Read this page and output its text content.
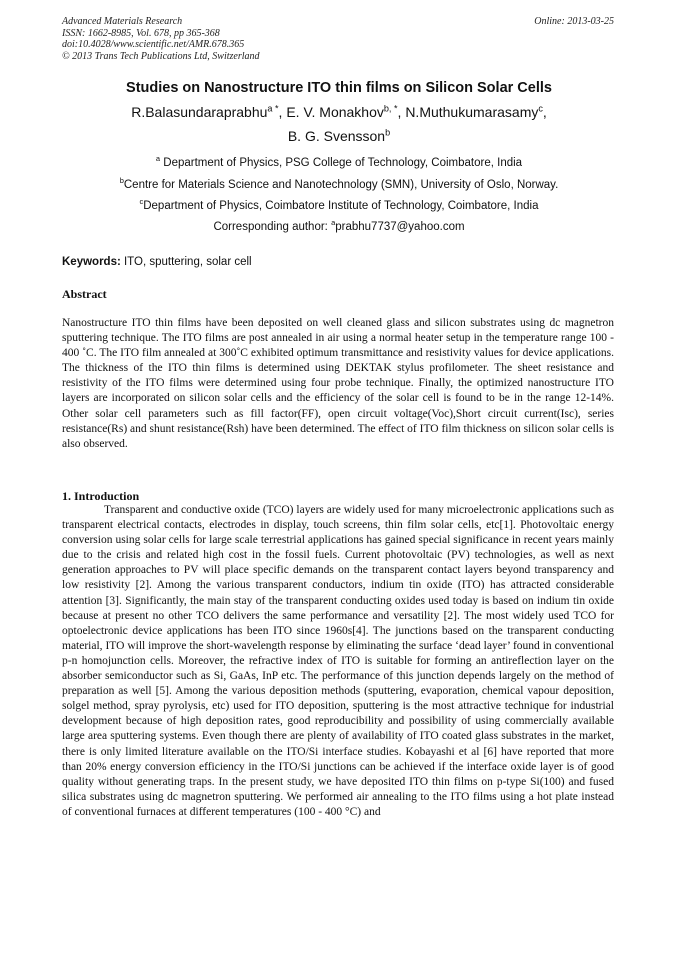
Advanced Materials Research
ISSN: 1662-8985, Vol. 678, pp 365-368
doi:10.4028/www.scientific.net/AMR.678.365
© 2013 Trans Tech Publications Ltd, Switzerland
Online: 2013-03-25
Studies on Nanostructure ITO thin films on Silicon Solar Cells
R.Balasundaraprabhu$^{a *}$, E. V. Monakhov$^{b, *}$, N.Muthukumarasamy$^c$,
B. G. Svensson$^b$
$^a$ Department of Physics, PSG College of Technology, Coimbatore, India
$^b$Centre for Materials Science and Nanotechnology (SMN), University of Oslo, Norway.
$^c$Department of Physics, Coimbatore Institute of Technology, Coimbatore, India
Corresponding author: $^a$prabhu7737@yahoo.com
Keywords: ITO, sputtering, solar cell
Abstract

Nanostructure ITO thin films have been deposited on well cleaned glass and silicon substrates using dc magnetron sputtering technique. The ITO films are post annealed in air using a normal heater setup in the temperature range 100 - 400 ˚C. The ITO film annealed at 300˚C exhibited optimum transmittance and resistivity values for device applications. The thickness of the ITO thin films is determined using DEKTAK stylus profilometer. The sheet resistance and resistivity of the ITO films were determined using four probe technique. Finally, the optimized nanostructure ITO layers are incorporated on silicon solar cells and the efficiency of the solar cell is found to be in the range 12-14%. Other solar cell parameters such as fill factor(FF), open circuit voltage(Voc),Short circuit current(Isc), series resistance(Rs) and shunt resistance(Rsh) have been determined. The effect of ITO film thickness on silicon solar cells is also observed.

1. Introduction

Transparent and conductive oxide (TCO) layers are widely used for many microelectronic applications such as transparent electrical contacts, electrodes in display, touch screens, thin film solar cells, etc[1]. Photovoltaic energy conversion using solar cells for large scale terrestrial applications has gained special significance in recent years mainly due to the crisis and related high cost in the fossil fuels. Current photovoltaic (PV) technologies, as well as next generation approaches to PV will place specific demands on the transparent contact layers beyond transparency and low resistivity [2]. Among the various transparent conductors, indium tin oxide (ITO) has attracted considerable attention [3]. Significantly, the main stay of the transparent conducting oxides used today is based on indium tin oxide because at present no other TCO delivers the same performance and versatility [2]. The most widely used TCO for optoelectronic device applications has been ITO since 1960s[4]. The junctions based on the transparent conducting material, ITO will improve the short-wavelength response by eliminating the surface ‘dead layer’ found in conventional p-n homojunction cells. Moreover, the refractive index of ITO is suitable for forming an antireflection layer on the absorber semiconductor such as Si, GaAs, InP etc. The performance of this junction depends largely on the method of preparation as well [5]. Among the various deposition methods (sputtering, evaporation, chemical vapour deposition, solgel method, spray pyrolysis, etc) used for ITO deposition, sputtering is the most attractive technique for industrial development because of high deposition rates, good reproducibility and possibility of using commercially available large area sputtering systems. Even though there are plenty of availability of ITO coated glass substrates in the market, there is only limited literature available on the ITO/Si interface studies. Kobayashi et al [6] have reported that more than 20% energy conversion efficiency in the ITO/Si junctions can be achieved if the interface oxide layer is of good quality without generating traps. In the present study, we have deposited ITO thin films on p-type Si(100) and fused silica substrates using dc magnetron sputtering. We performed air annealing to the ITO films using a hot plate instead of conventional furnaces at different temperatures (100 - 400 °C) and
